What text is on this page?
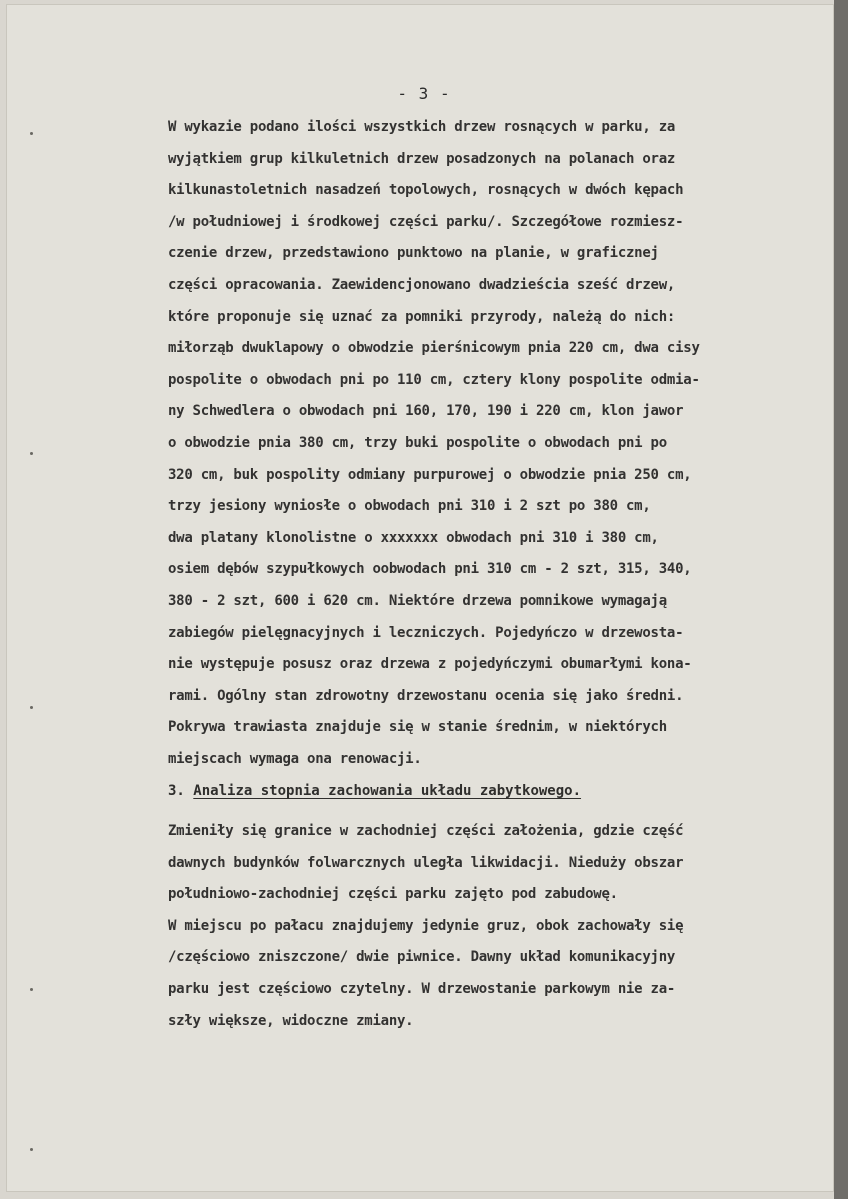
- 3 -
W wykazie podano ilości wszystkich drzew rosnących w parku, za
wyjątkiem grup kilkuletnich drzew posadzonych na polanach oraz
kilkunastoletnich nasadzeń topolowych, rosnących w dwóch kępach
/w południowej i środkowej części parku/. Szczegółowe rozmiesz-
czenie drzew, przedstawiono punktowo na planie, w graficznej
części opracowania. Zaewidencjonowano dwadzieścia sześć drzew,
które proponuje się uznać za pomniki przyrody, należą do nich:
miłorząb dwuklapowy o obwodzie pierśnicowym pnia 220 cm, dwa cisy
pospolite o obwodach pni po 110 cm, cztery klony pospolite odmia-
ny Schwedlera o obwodach pni 160, 170, 190 i 220 cm, klon jawor
o obwodzie pnia 380 cm, trzy buki pospolite o obwodach pni po
320 cm, buk pospolity odmiany purpurowej o obwodzie pnia 250 cm,
trzy jesiony wyniosłe o obwodach pni 310 i 2 szt po 380 cm,
dwa platany klonolistne o xxxxxxx obwodach pni 310 i 380 cm,
osiem dębów szypułkowych oobwodach pni 310 cm - 2 szt, 315, 340,
380 - 2 szt, 600 i 620 cm. Niektóre drzewa pomnikowe wymagają
zabiegów pielęgnacyjnych i leczniczych. Pojedyńczo w drzewosta-
nie występuje posusz oraz drzewa z pojedyńczymi obumarłymi kona-
rami. Ogólny stan zdrowotny drzewostanu ocenia się jako średni.
Pokrywa trawiasta znajduje się w stanie średnim, w niektórych
miejscach wymaga ona renowacji.
3. Analiza stopnia zachowania układu zabytkowego.
Zmieniły się granice w zachodniej części założenia, gdzie część
dawnych budynków folwarcznych uległa likwidacji. Nieduży obszar
południowo-zachodniej części parku zajęto pod zabudowę.
W miejscu po pałacu znajdujemy jedynie gruz, obok zachowały się
/częściowo zniszczone/ dwie piwnice. Dawny układ komunikacyjny
parku jest częściowo czytelny. W drzewostanie parkowym nie za-
szły większe, widoczne zmiany.
